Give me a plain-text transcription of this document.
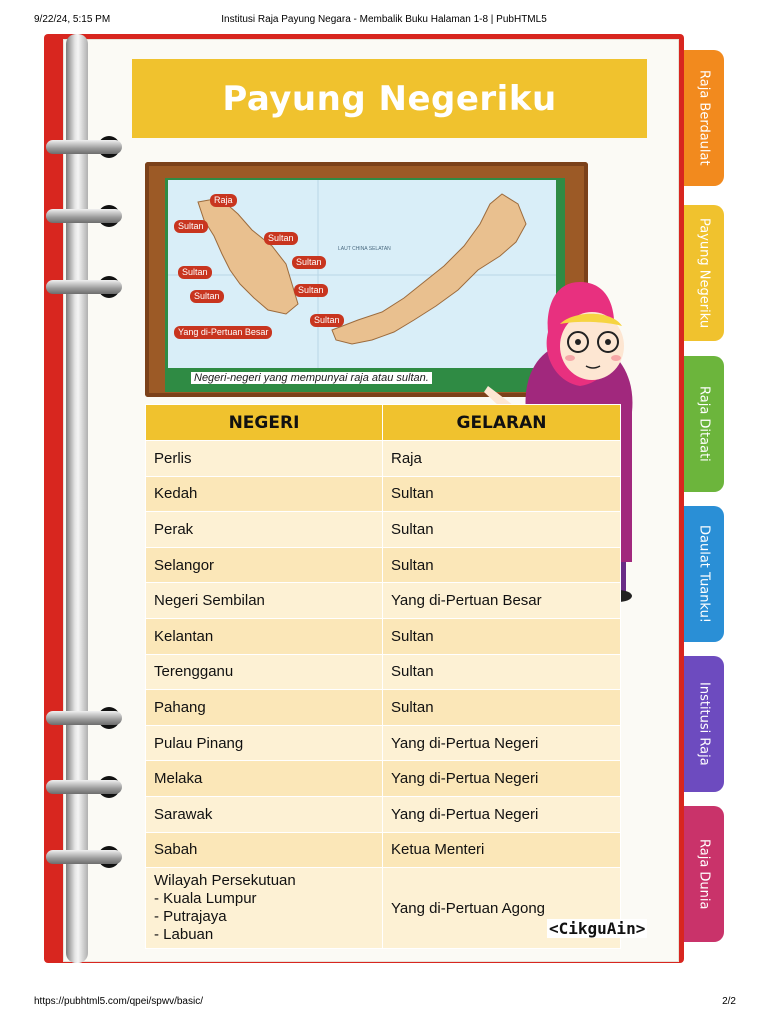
9/22/24, 5:15 PM	Institusi Raja Payung Negara - Membalik Buku Halaman 1-8 | PubHTML5
https://pubhtml5.com/qpei/spwv/basic/	2/2
Payung Negeriku
LAUT CHINA SELATAN
Raja
Sultan
Sultan
Sultan
Sultan
Sultan
Sultan
Sultan
Yang di-Pertuan Besar
Negeri-negeri yang mempunyai raja atau sultan.
NEGERI	GELARAN
Perlis	Raja
Kedah	Sultan
Perak	Sultan
Selangor	Sultan
Negeri Sembilan	Yang di-Pertuan Besar
Kelantan	Sultan
Terengganu	Sultan
Pahang	Sultan
Pulau Pinang	Yang di-Pertua Negeri
Melaka	Yang di-Pertua Negeri
Sarawak	Yang di-Pertua Negeri
Sabah	Ketua Menteri

Wilayah Persekutuan
- Kuala Lumpur
- Putrajaya
- Labuan	Yang di-Pertuan Agong
<CikguAin>
Raja Berdaulat
Payung Negeriku
Raja Ditaati
Daulat Tuanku!
Institusi Raja
Raja Dunia
